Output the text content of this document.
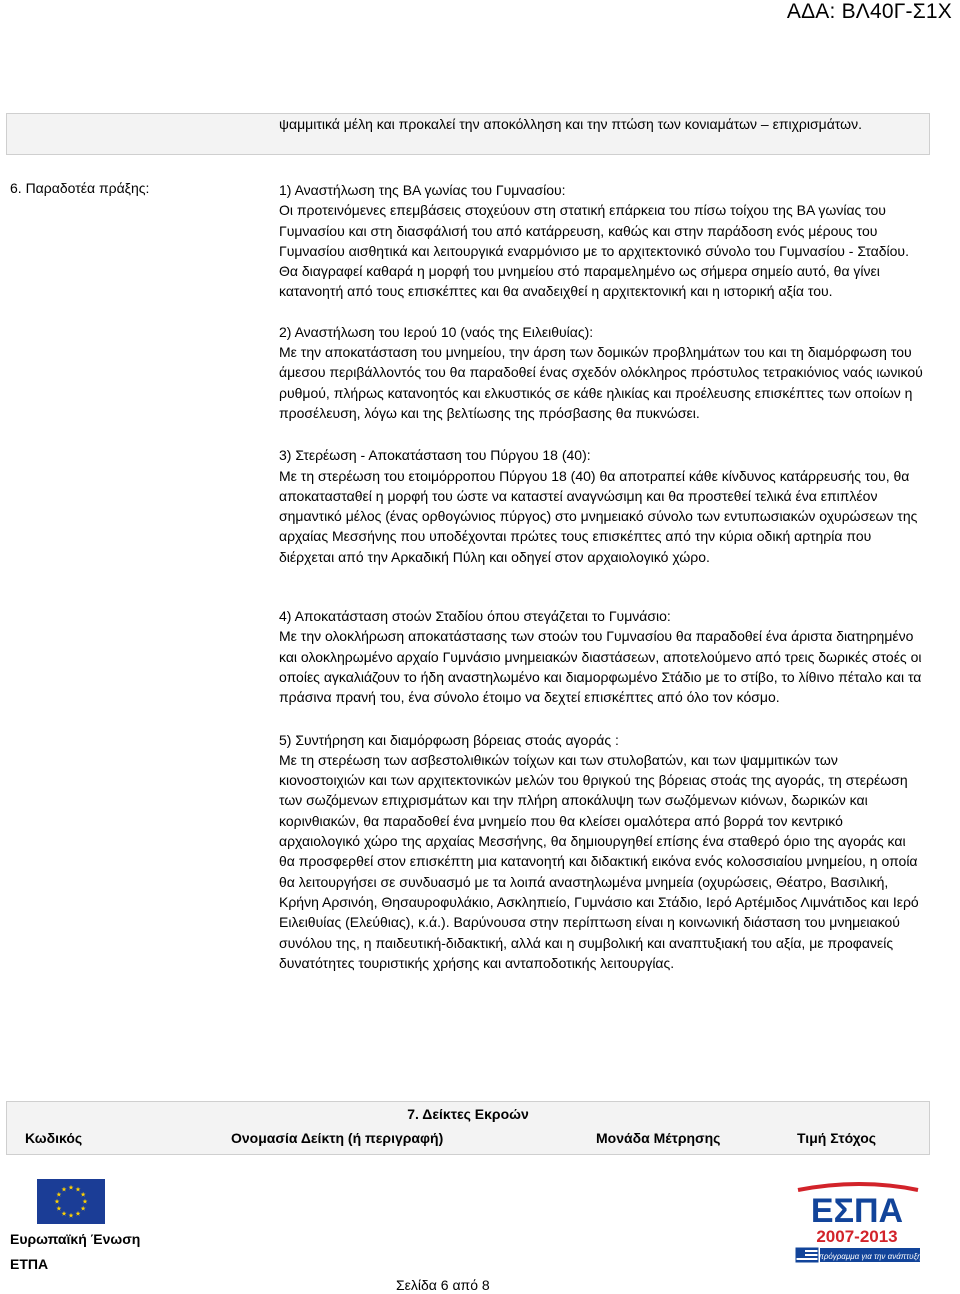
ΑΔΑ: ΒΛ40Γ-Σ1Χ
ψαμμιτικά μέλη και προκαλεί την αποκόλληση και την πτώση των κονιαμάτων – επιχρισμάτων.
6. Παραδοτέα πράξης:	1) Αναστήλωση της ΒΑ γωνίας του Γυμνασίου:

Οι προτεινόμενες επεμβάσεις στοχεύουν στη στατική επάρκεια του πίσω τοίχου της ΒΑ γωνίας του Γυμνασίου και στη διασφάλισή του από κατάρρευση, καθώς και στην παράδοση ενός μέρους του Γυμνασίου αισθητικά και λειτουργικά εναρμόνισο με το αρχιτεκτονικό σύνολο του Γυμνασίου - Σταδίου. Θα διαγραφεί καθαρά η μορφή του μνημείου στό παραμελημένο ως σήμερα σημείο αυτό, θα γίνει κατανοητή από τους επισκέπτες και θα αναδειχθεί η αρχιτεκτονική και η ιστορική αξία του.

2) Αναστήλωση του Ιερού 10 (ναός της Ειλειθυίας):

Με την αποκατάσταση του μνημείου, την άρση των δομικών προβλημάτων του και τη διαμόρφωση του άμεσου περιβάλλοντός του θα παραδοθεί ένας σχεδόν ολόκληρος πρόστυλος τετρακιόνιος ναός ιωνικού ρυθμού, πλήρως κατανοητός και ελκυστικός σε κάθε ηλικίας και προέλευσης επισκέπτες των οποίων η προσέλευση, λόγω και της βελτίωσης της πρόσβασης θα πυκνώσει.

3) Στερέωση - Αποκατάσταση του Πύργου 18 (40):

Με τη στερέωση του ετοιμόρροπου Πύργου 18 (40) θα αποτραπεί κάθε κίνδυνος κατάρρευσής του, θα αποκατασταθεί η μορφή του ώστε να καταστεί αναγνώσιμη και θα προστεθεί τελικά ένα επιπλέον σημαντικό μέλος (ένας ορθογώνιος πύργος) στο μνημειακό σύνολο των εντυπωσιακών οχυρώσεων της αρχαίας Μεσσήνης που υποδέχονται πρώτες τους επισκέπτες από την κύρια οδική αρτηρία που διέρχεται από την Αρκαδική Πύλη και οδηγεί στον αρχαιολογικό χώρο.

4) Αποκατάσταση στοών Σταδίου όπου στεγάζεται το Γυμνάσιο:

Με την ολοκλήρωση αποκατάστασης των στοών του Γυμνασίου θα παραδοθεί ένα άριστα διατηρημένο και ολοκληρωμένο αρχαίο Γυμνάσιο μνημειακών διαστάσεων, αποτελούμενο από τρεις δωρικές στοές οι οποίες αγκαλιάζουν το ήδη αναστηλωμένο και διαμορφωμένο Στάδιο με το στίβο, το λίθινο πέταλο και τα πράσινα πρανή του, ένα σύνολο έτοιμο να δεχτεί επισκέπτες από όλο τον κόσμο.

5) Συντήρηση και διαμόρφωση βόρειας στοάς αγοράς :

Με τη στερέωση των ασβεστολιθικών τοίχων και των στυλοβατών, και των ψαμμιτικών των κιονοστοιχιών και των αρχιτεκτονικών μελών του θριγκού της βόρειας στοάς της αγοράς, τη στερέωση των σωζόμενων επιχρισμάτων και την πλήρη αποκάλυψη των σωζόμενων κιόνων, δωρικών και κορινθιακών, θα παραδοθεί ένα μνημείο που θα κλείσει ομαλότερα από βορρά τον κεντρικό αρχαιολογικό χώρο της αρχαίας Μεσσήνης, θα δημιουργηθεί επίσης ένα σταθερό όριο της αγοράς και θα προσφερθεί στον επισκέπτη μια κατανοητή και διδακτική εικόνα ενός κολοσσιαίου μνημείου, η οποία θα λειτουργήσει σε συνδυασμό με τα λοιπά αναστηλωμένα μνημεία (οχυρώσεις, Θέατρο, Βασιλική, Κρήνη Αρσινόη, Θησαυροφυλάκιο, Ασκληπιείο, Γυμνάσιο και Στάδιο, Ιερό Αρτέμιδος Λιμνάτιδος και Ιερό Ειλειθυίας (Ελεύθιας), κ.ά.). Βαρύνουσα στην περίπτωση είναι η κοινωνική διάσταση του μνημειακού συνόλου της, η παιδευτική-διδακτική, αλλά και η συμβολική και αναπτυξιακή του αξία, με προφανείς δυνατότητες τουριστικής χρήσης και ανταποδοτικής λειτουργίας.

7. Δείκτες Εκροών
Κωδικός	Ονομασία Δείκτη (ή περιγραφή)	Μονάδα Μέτρησης	Τιμή Στόχος
Ευρωπαϊκή Ένωση
ΕΤΠΑ
ΕΣΠΑ
2007-2013
πρόγραμμα για την ανάπτυξη
Σελίδα 6 από 8
